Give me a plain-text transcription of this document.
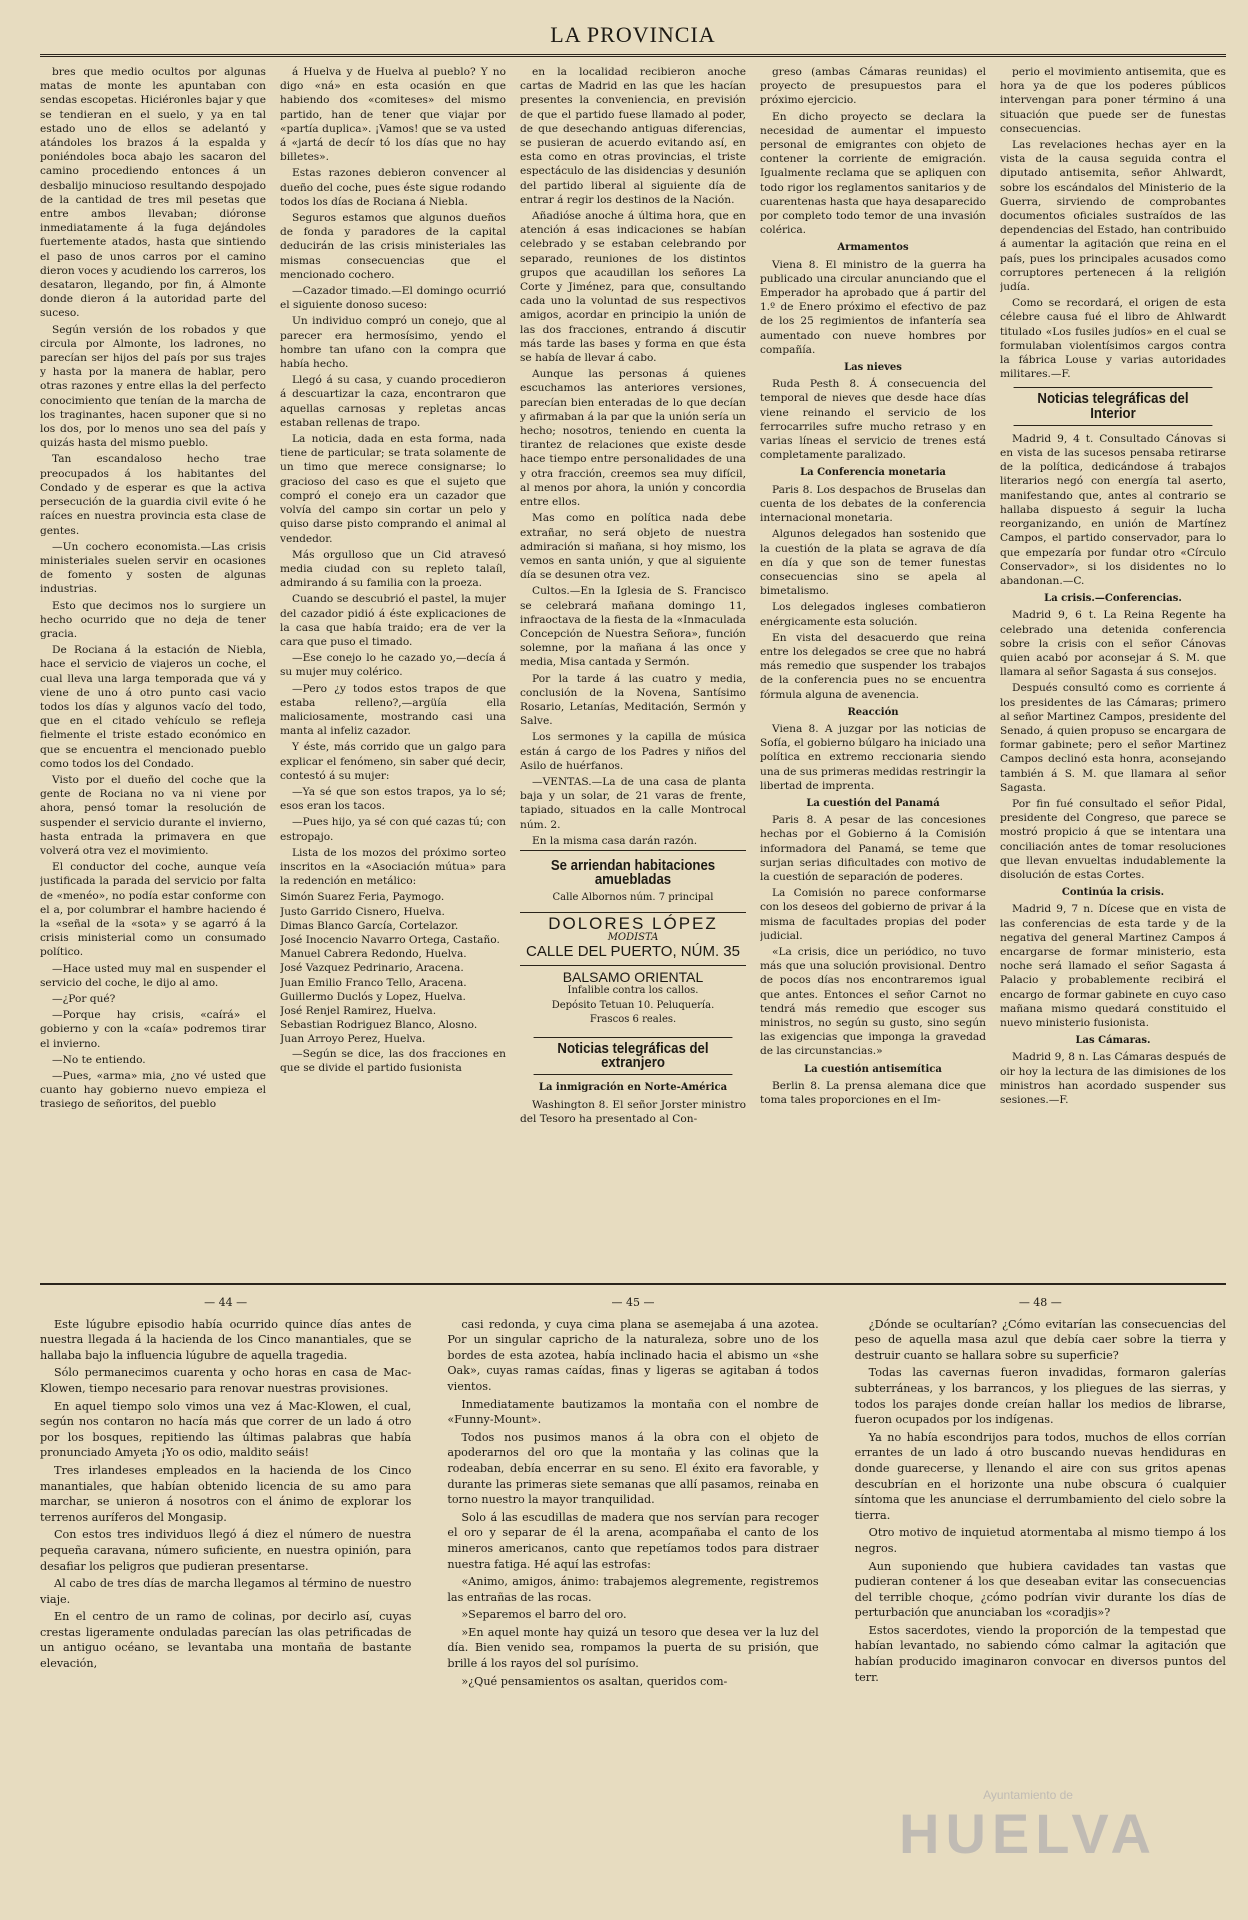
LA PROVINCIA

bres que medio ocultos por algunas matas de monte les apuntaban con sendas escopetas. Hiciéronles bajar y que se tendieran en el suelo, y ya en tal estado uno de ellos se adelantó y atándoles los brazos á la espalda y poniéndoles boca abajo les sacaron del camino procediendo entonces á un desbalijo minucioso resultando despojado de la cantidad de tres mil pesetas que entre ambos llevaban; dióronse inmediatamente á la fuga dejándoles fuertemente atados, hasta que sintiendo el paso de unos carros por el camino dieron voces y acudiendo los carreros, los desataron, llegando, por fin, á Almonte donde dieron á la autoridad parte del suceso.

Según versión de los robados y que circula por Almonte, los ladrones, no parecían ser hijos del país por sus trajes y hasta por la manera de hablar, pero otras razones y entre ellas la del perfecto conocimiento que tenían de la marcha de los traginantes, hacen suponer que si no los dos, por lo menos uno sea del país y quizás hasta del mismo pueblo.

Tan escandaloso hecho trae preocupados á los habitantes del Condado y de esperar es que la activa persecución de la guardia civil evite ó he raíces en nuestra provincia esta clase de gentes.

—Un cochero economista.—Las crisis ministeriales suelen servir en ocasiones de fomento y sosten de algunas industrias.

Esto que decimos nos lo surgiere un hecho ocurrido que no deja de tener gracia.

De Rociana á la estación de Niebla, hace el servicio de viajeros un coche, el cual lleva una larga temporada que vá y viene de uno á otro punto casi vacio todos los días y algunos vacío del todo, que en el citado vehículo se refleja fielmente el triste estado económico en que se encuentra el mencionado pueblo como todos los del Condado.

Visto por el dueño del coche que la gente de Rociana no va ni viene por ahora, pensó tomar la resolución de suspender el servicio durante el invierno, hasta entrada la primavera en que volverá otra vez el movimiento.

El conductor del coche, aunque veía justificada la parada del servicio por falta de «menéo», no podía estar conforme con el a, por columbrar el hambre haciendo é la «señal de la «sota» y se agarró á la crisis ministerial como un consumado político.

—Hace usted muy mal en suspender el servicio del coche, le dijo al amo.

—¿Por qué?

—Porque hay crisis, «caírá» el gobierno y con la «caía» podremos tirar el invierno.

—No te entiendo.

—Pues, «arma» mia, ¿no vé usted que cuanto hay gobierno nuevo empieza el trasiego de señoritos, del pueblo

á Huelva y de Huelva al pueblo? Y no digo «ná» en esta ocasión en que habiendo dos «comiteses» del mismo partido, han de tener que viajar por «partía duplica». ¡Vamos! que se va usted á «jartá de decír tó los días que no hay billetes».

Estas razones debieron convencer al dueño del coche, pues éste sigue rodando todos los días de Rociana á Niebla.

Seguros estamos que algunos dueños de fonda y paradores de la capital deducirán de las crisis ministeriales las mismas consecuencias que el mencionado cochero.

—Cazador timado.—El domingo ocurrió el siguiente donoso suceso:

Un individuo compró un conejo, que al parecer era hermosísimo, yendo el hombre tan ufano con la compra que había hecho.

Llegó á su casa, y cuando procedieron á descuartizar la caza, encontraron que aquellas carnosas y repletas ancas estaban rellenas de trapo.

La noticia, dada en esta forma, nada tiene de particular; se trata solamente de un timo que merece consignarse; lo gracioso del caso es que el sujeto que compró el conejo era un cazador que volvía del campo sin cortar un pelo y quiso darse pisto comprando el animal al vendedor.

Más orgulloso que un Cid atravesó media ciudad con su repleto talaíl, admirando á su familia con la proeza.

Cuando se descubrió el pastel, la mujer del cazador pidió á éste explicaciones de la casa que había traido; era de ver la cara que puso el timado.

—Ese conejo lo he cazado yo,—decía á su mujer muy colérico.

—Pero ¿y todos estos trapos de que estaba relleno?,—argüía ella maliciosamente, mostrando casi una manta al infeliz cazador.

Y éste, más corrido que un galgo para explicar el fenómeno, sin saber qué decir, contestó á su mujer:

—Ya sé que son estos trapos, ya lo sé; esos eran los tacos.

—Pues hijo, ya sé con qué cazas tú; con estropajo.

Lista de los mozos del próximo sorteo inscritos en la «Asociación mútua» para la redención en metálico:

Simón Suarez Feria, Paymogo.
Justo Garrido Cisnero, Huelva.
Dimas Blanco García, Cortelazor.
José Inocencio Navarro Ortega, Castaño.
Manuel Cabrera Redondo, Huelva.
José Vazquez Pedrinario, Aracena.
Juan Emilio Franco Tello, Aracena.
Guillermo Duclós y Lopez, Huelva.
José Renjel Ramirez, Huelva.
Sebastian Rodriguez Blanco, Alosno.
Juan Arroyo Perez, Huelva.

—Según se dice, las dos fracciones en que se divide el partido fusionista

en la localidad recibieron anoche cartas de Madrid en las que les hacían presentes la conveniencia, en previsión de que el partido fuese llamado al poder, de que desechando antiguas diferencias, se pusieran de acuerdo evitando así, en esta como en otras provincias, el triste espectáculo de las disidencias y desunión del partido liberal al siguiente día de entrar á regir los destinos de la Nación.

Añadióse anoche á última hora, que en atención á esas indicaciones se habían celebrado y se estaban celebrando por separado, reuniones de los distintos grupos que acaudillan los señores La Corte y Jiménez, para que, consultando cada uno la voluntad de sus respectivos amigos, acordar en principio la unión de las dos fracciones, entrando á discutir más tarde las bases y forma en que ésta se había de llevar á cabo.

Aunque las personas á quienes escuchamos las anteriores versiones, parecían bien enteradas de lo que decían y afirmaban á la par que la unión sería un hecho; nosotros, teniendo en cuenta la tirantez de relaciones que existe desde hace tiempo entre personalidades de una y otra fracción, creemos sea muy difícil, al menos por ahora, la unión y concordia entre ellos.

Mas como en política nada debe extrañar, no será objeto de nuestra admiración si mañana, si hoy mismo, los vemos en santa unión, y que al siguiente día se desunen otra vez.

Cultos.—En la Iglesia de S. Francisco se celebrará mañana domingo 11, infraoctava de la fiesta de la «Inmaculada Concepción de Nuestra Señora», función solemne, por la mañana á las once y media, Misa cantada y Sermón.

Por la tarde á las cuatro y media, conclusión de la Novena, Santísimo Rosario, Letanías, Meditación, Sermón y Salve.

Los sermones y la capilla de música están á cargo de los Padres y niños del Asilo de huérfanos.

—VENTAS.—La de una casa de planta baja y un solar, de 21 varas de frente, tapiado, situados en la calle Montrocal núm. 2.

En la misma casa darán razón.

Se arriendan habitaciones amuebladas
Calle Albornos núm. 7 principal
DOLORES LÓPEZ
MODISTA
CALLE DEL PUERTO, NÚM. 35
BALSAMO ORIENTAL
Infalible contra los callos.
Depósito Tetuan 10. Peluquería.
Frascos 6 reales.
Noticias telegráficas del extranjero
La inmigración en Norte-América

Washington 8. El señor Jorster ministro del Tesoro ha presentado al Con-

greso (ambas Cámaras reunidas) el proyecto de presupuestos para el próximo ejercicio.

En dicho proyecto se declara la necesidad de aumentar el impuesto personal de emigrantes con objeto de contener la corriente de emigración. Igualmente reclama que se apliquen con todo rigor los reglamentos sanitarios y de cuarentenas hasta que haya desaparecido por completo todo temor de una invasión colérica.

Armamentos

Viena 8. El ministro de la guerra ha publicado una circular anunciando que el Emperador ha aprobado que á partir del 1.º de Enero próximo el efectivo de paz de los 25 regimientos de infantería sea aumentado con nueve hombres por compañía.

Las nieves

Ruda Pesth 8. Á consecuencia del temporal de nieves que desde hace días viene reinando el servicio de los ferrocarriles sufre mucho retraso y en varias líneas el servicio de trenes está completamente paralizado.

La Conferencia monetaria

Paris 8. Los despachos de Bruselas dan cuenta de los debates de la conferencia internacional monetaria.

Algunos delegados han sostenido que la cuestión de la plata se agrava de día en día y que son de temer funestas consecuencias sino se apela al bimetalismo.

Los delegados ingleses combatieron enérgicamente esta solución.

En vista del desacuerdo que reina entre los delegados se cree que no habrá más remedio que suspender los trabajos de la conferencia pues no se encuentra fórmula alguna de avenencia.

Reacción

Viena 8. A juzgar por las noticias de Sofía, el gobierno búlgaro ha iniciado una política en extremo reccionaria siendo una de sus primeras medidas restringir la libertad de imprenta.

La cuestión del Panamá

Paris 8. A pesar de las concesiones hechas por el Gobierno á la Comisión informadora del Panamá, se teme que surjan serias dificultades con motivo de la cuestión de separación de poderes.

La Comisión no parece conformarse con los deseos del gobierno de privar á la misma de facultades propias del poder judicial.

«La crisis, dice un periódico, no tuvo más que una solución provisional. Dentro de pocos días nos encontraremos igual que antes. Entonces el señor Carnot no tendrá más remedio que escoger sus ministros, no según su gusto, sino según las exigencias que imponga la gravedad de las circunstancias.»

La cuestión antisemítica

Berlin 8. La prensa alemana dice que toma tales proporciones en el Im-

perio el movimiento antisemita, que es hora ya de que los poderes públicos intervengan para poner término á una situación que puede ser de funestas consecuencias.

Las revelaciones hechas ayer en la vista de la causa seguida contra el diputado antisemita, señor Ahlwardt, sobre los escándalos del Ministerio de la Guerra, sirviendo de comprobantes documentos oficiales sustraídos de las dependencias del Estado, han contribuido á aumentar la agitación que reina en el país, pues los principales acusados como corruptores pertenecen á la religión judía.

Como se recordará, el origen de esta célebre causa fué el libro de Ahlwardt titulado «Los fusiles judíos» en el cual se formulaban violentísimos cargos contra la fábrica Louse y varias autoridades militares.—F.

Noticias telegráficas del Interior

Madrid 9, 4 t. Consultado Cánovas si en vista de las sucesos pensaba retirarse de la política, dedicándose á trabajos literarios negó con energía tal aserto, manifestando que, antes al contrario se hallaba dispuesto á seguir la lucha reorganizando, en unión de Martínez Campos, el partido conservador, para lo que empezaría por fundar otro «Círculo Conservador», si los disidentes no lo abandonan.—C.

La crisis.—Conferencias.

Madrid 9, 6 t. La Reina Regente ha celebrado una detenida conferencia sobre la crisis con el señor Cánovas quien acabó por aconsejar á S. M. que llamara al señor Sagasta á sus consejos.

Después consultó como es corriente á los presidentes de las Cámaras; primero al señor Martinez Campos, presidente del Senado, á quien propuso se encargara de formar gabinete; pero el señor Martinez Campos declinó esta honra, aconsejando también á S. M. que llamara al señor Sagasta.

Por fin fué consultado el señor Pidal, presidente del Congreso, que parece se mostró propicio á que se intentara una conciliación antes de tomar resoluciones que llevan envueltas indudablemente la disolución de estas Cortes.

Continúa la crisis.

Madrid 9, 7 n. Dícese que en vista de las conferencias de esta tarde y de la negativa del general Martinez Campos á encargarse de formar ministerio, esta noche será llamado el señor Sagasta á Palacio y probablemente recibirá el encargo de formar gabinete en cuyo caso mañana mismo quedará constituido el nuevo ministerio fusionista.

Las Cámaras.

Madrid 9, 8 n. Las Cámaras después de oir hoy la lectura de las dimisiones de los ministros han acordado suspender sus sesiones.—F.

— 44 —

Este lúgubre episodio había ocurrido quince días antes de nuestra llegada á la hacienda de los Cinco manantiales, que se hallaba bajo la influencia lúgubre de aquella tragedia.

Sólo permanecimos cuarenta y ocho horas en casa de Mac-Klowen, tiempo necesario para renovar nuestras provisiones.

En aquel tiempo solo vimos una vez á Mac-Klowen, el cual, según nos contaron no hacía más que correr de un lado á otro por los bosques, repitiendo las últimas palabras que había pronunciado Amyeta ¡Yo os odio, maldito seáis!

Tres irlandeses empleados en la hacienda de los Cinco manantiales, que habían obtenido licencia de su amo para marchar, se unieron á nosotros con el ánimo de explorar los terrenos auríferos del Mongasip.

Con estos tres individuos llegó á diez el número de nuestra pequeña caravana, número suficiente, en nuestra opinión, para desafiar los peligros que pudieran presentarse.

Al cabo de tres días de marcha llegamos al término de nuestro viaje.

En el centro de un ramo de colinas, por decirlo así, cuyas crestas ligeramente onduladas parecían las olas petrificadas de un antiguo océano, se levantaba una montaña de bastante elevación,

— 45 —

casi redonda, y cuya cima plana se asemejaba á una azotea. Por un singular capricho de la naturaleza, sobre uno de los bordes de esta azotea, había inclinado hacia el abismo un «she Oak», cuyas ramas caídas, finas y ligeras se agitaban á todos vientos.

Inmediatamente bautizamos la montaña con el nombre de «Funny-Mount».

Todos nos pusimos manos á la obra con el objeto de apoderarnos del oro que la montaña y las colinas que la rodeaban, debía encerrar en su seno. El éxito era favorable, y durante las primeras siete semanas que allí pasamos, reinaba en torno nuestro la mayor tranquilidad.

Solo á las escudillas de madera que nos servían para recoger el oro y separar de él la arena, acompañaba el canto de los mineros americanos, canto que repetíamos todos para distraer nuestra fatiga. Hé aquí las estrofas:

«Animo, amigos, ánimo: trabajemos alegremente, registremos las entrañas de las rocas.

»Separemos el barro del oro.

»En aquel monte hay quizá un tesoro que desea ver la luz del día. Bien venido sea, rompamos la puerta de su prisión, que brille á los rayos del sol purísimo.

»¿Qué pensamientos os asaltan, queridos com-

— 48 —

¿Dónde se ocultarían? ¿Cómo evitarían las consecuencias del peso de aquella masa azul que debía caer sobre la tierra y destruir cuanto se hallara sobre su superficie?

Todas las cavernas fueron invadidas, formaron galerías subterráneas, y los barrancos, y los pliegues de las sierras, y todos los parajes donde creían hallar los medios de librarse, fueron ocupados por los indígenas.

Ya no había escondrijos para todos, muchos de ellos corrían errantes de un lado á otro buscando nuevas hendiduras en donde guarecerse, y llenando el aire con sus gritos apenas descubrían en el horizonte una nube obscura ó cualquier síntoma que les anunciase el derrumbamiento del cielo sobre la tierra.

Otro motivo de inquietud atormentaba al mismo tiempo á los negros.

Aun suponiendo que hubiera cavidades tan vastas que pudieran contener á los que deseaban evitar las consecuencias del terrible choque, ¿cómo podrían vivir durante los días de perturbación que anunciaban los «coradjis»?

Estos sacerdotes, viendo la proporción de la tempestad que habían levantado, no sabiendo cómo calmar la agitación que habían producido imaginaron convocar en diversos puntos del terr.

Ayuntamiento de
HUELVA
